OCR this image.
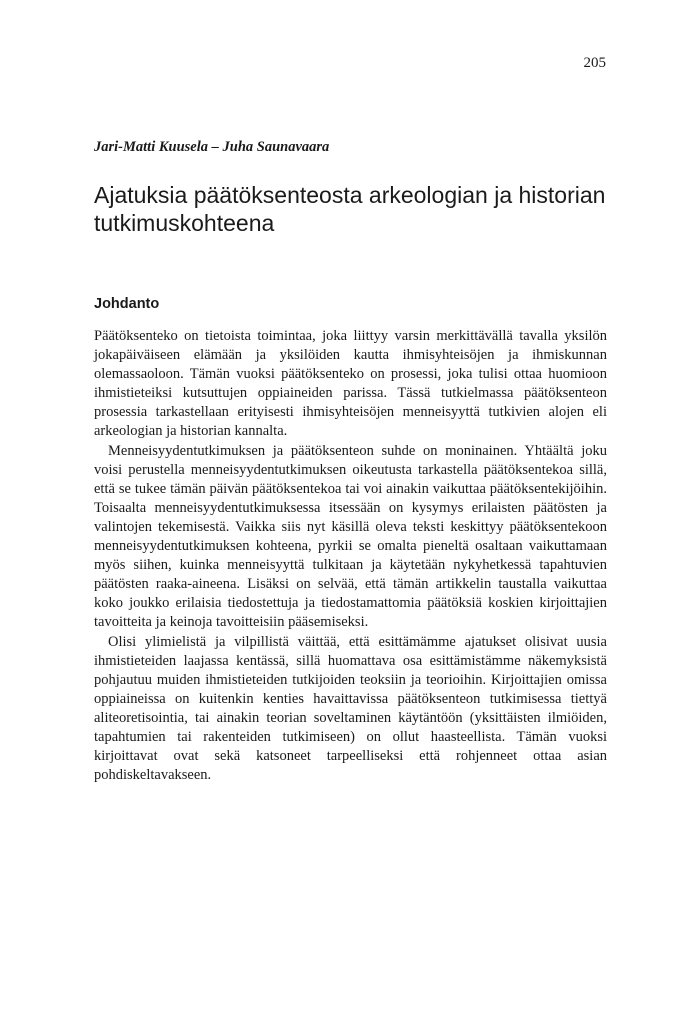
205
Jari-Matti Kuusela – Juha Saunavaara
Ajatuksia päätöksenteosta arkeologian ja historian tutkimuskohteena
Johdanto

Päätöksenteko on tietoista toimintaa, joka liittyy varsin merkittävällä tavalla yksilön jokapäiväiseen elämään ja yksilöiden kautta ihmisyhteisöjen ja ihmiskunnan olemassaoloon. Tämän vuoksi päätöksenteko on prosessi, joka tulisi ottaa huomioon ihmistieteiksi kutsuttujen oppiaineiden parissa. Tässä tutkielmassa päätöksenteon prosessia tarkastellaan erityisesti ihmisyhteisöjen menneisyyttä tutkivien alojen eli arkeologian ja historian kannalta.

Menneisyydentutkimuksen ja päätöksenteon suhde on moninainen. Yhtäältä joku voisi perustella menneisyydentutkimuksen oikeutusta tarkastella päätöksentekoa sillä, että se tukee tämän päivän päätöksentekoa tai voi ainakin vaikuttaa päätöksentekijöihin. Toisaalta menneisyydentutkimuksessa itsessään on kysymys erilaisten päätösten ja valintojen tekemisestä. Vaikka siis nyt käsillä oleva teksti keskittyy päätöksentekoon menneisyydentutkimuksen kohteena, pyrkii se omalta pieneltä osaltaan vaikuttamaan myös siihen, kuinka menneisyyttä tulkitaan ja käytetään nykyhetkessä tapahtuvien päätösten raaka-aineena. Lisäksi on selvää, että tämän artikkelin taustalla vaikuttaa koko joukko erilaisia tiedostettuja ja tiedostamattomia päätöksiä koskien kirjoittajien tavoitteita ja keinoja tavoitteisiin pääsemiseksi.

Olisi ylimielistä ja vilpillistä väittää, että esittämämme ajatukset olisivat uusia ihmistieteiden laajassa kentässä, sillä huomattava osa esittämistämme näkemyksistä pohjautuu muiden ihmistieteiden tutkijoiden teoksiin ja teorioihin. Kirjoittajien omissa oppiaineissa on kuitenkin kenties havaittavissa päätöksenteon tutkimisessa tiettyä aliteoretisointia, tai ainakin teorian soveltaminen käytäntöön (yksittäisten ilmiöiden, tapahtumien tai rakenteiden tutkimiseen) on ollut haasteellista. Tämän vuoksi kirjoittavat ovat sekä katsoneet tarpeelliseksi että rohjenneet ottaa asian pohdiskeltavakseen.
